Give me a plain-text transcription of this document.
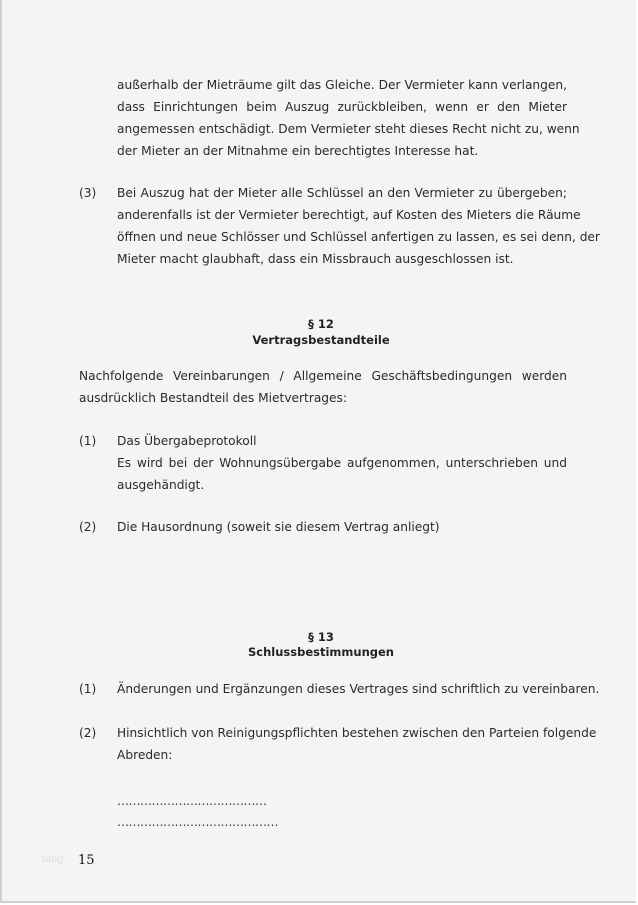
außerhalb der Mieträume gilt das Gleiche. Der Vermieter kann verlangen,
dass Einrichtungen beim Auszug zurückbleiben, wenn er den Mieter
angemessen entschädigt. Dem Vermieter steht dieses Recht nicht zu, wenn
der Mieter an der Mitnahme ein berechtigtes Interesse hat.
(3) Bei Auszug hat der Mieter alle Schlüssel an den Vermieter zu übergeben;
anderenfalls ist der Vermieter berechtigt, auf Kosten des Mieters die Räume
öffnen und neue Schlösser und Schlüssel anfertigen zu lassen, es sei denn, der
Mieter macht glaubhaft, dass ein Missbrauch ausgeschlossen ist.
§ 12
Vertragsbestandteile
Nachfolgende Vereinbarungen / Allgemeine Geschäftsbedingungen werden
ausdrücklich Bestandteil des Mietvertrages:
(1) Das Übergabeprotokoll
Es wird bei der Wohnungsübergabe aufgenommen, unterschrieben und
ausgehändigt.
(2) Die Hausordnung (soweit sie diesem Vertrag anliegt)
§ 13
Schlussbestimmungen
(1) Änderungen und Ergänzungen dieses Vertrages sind schriftlich zu vereinbaren.
(2) Hinsichtlich von Reinigungspflichten bestehen zwischen den Parteien folgende
Abreden:
…………………………………
……………………………………
blog 15
